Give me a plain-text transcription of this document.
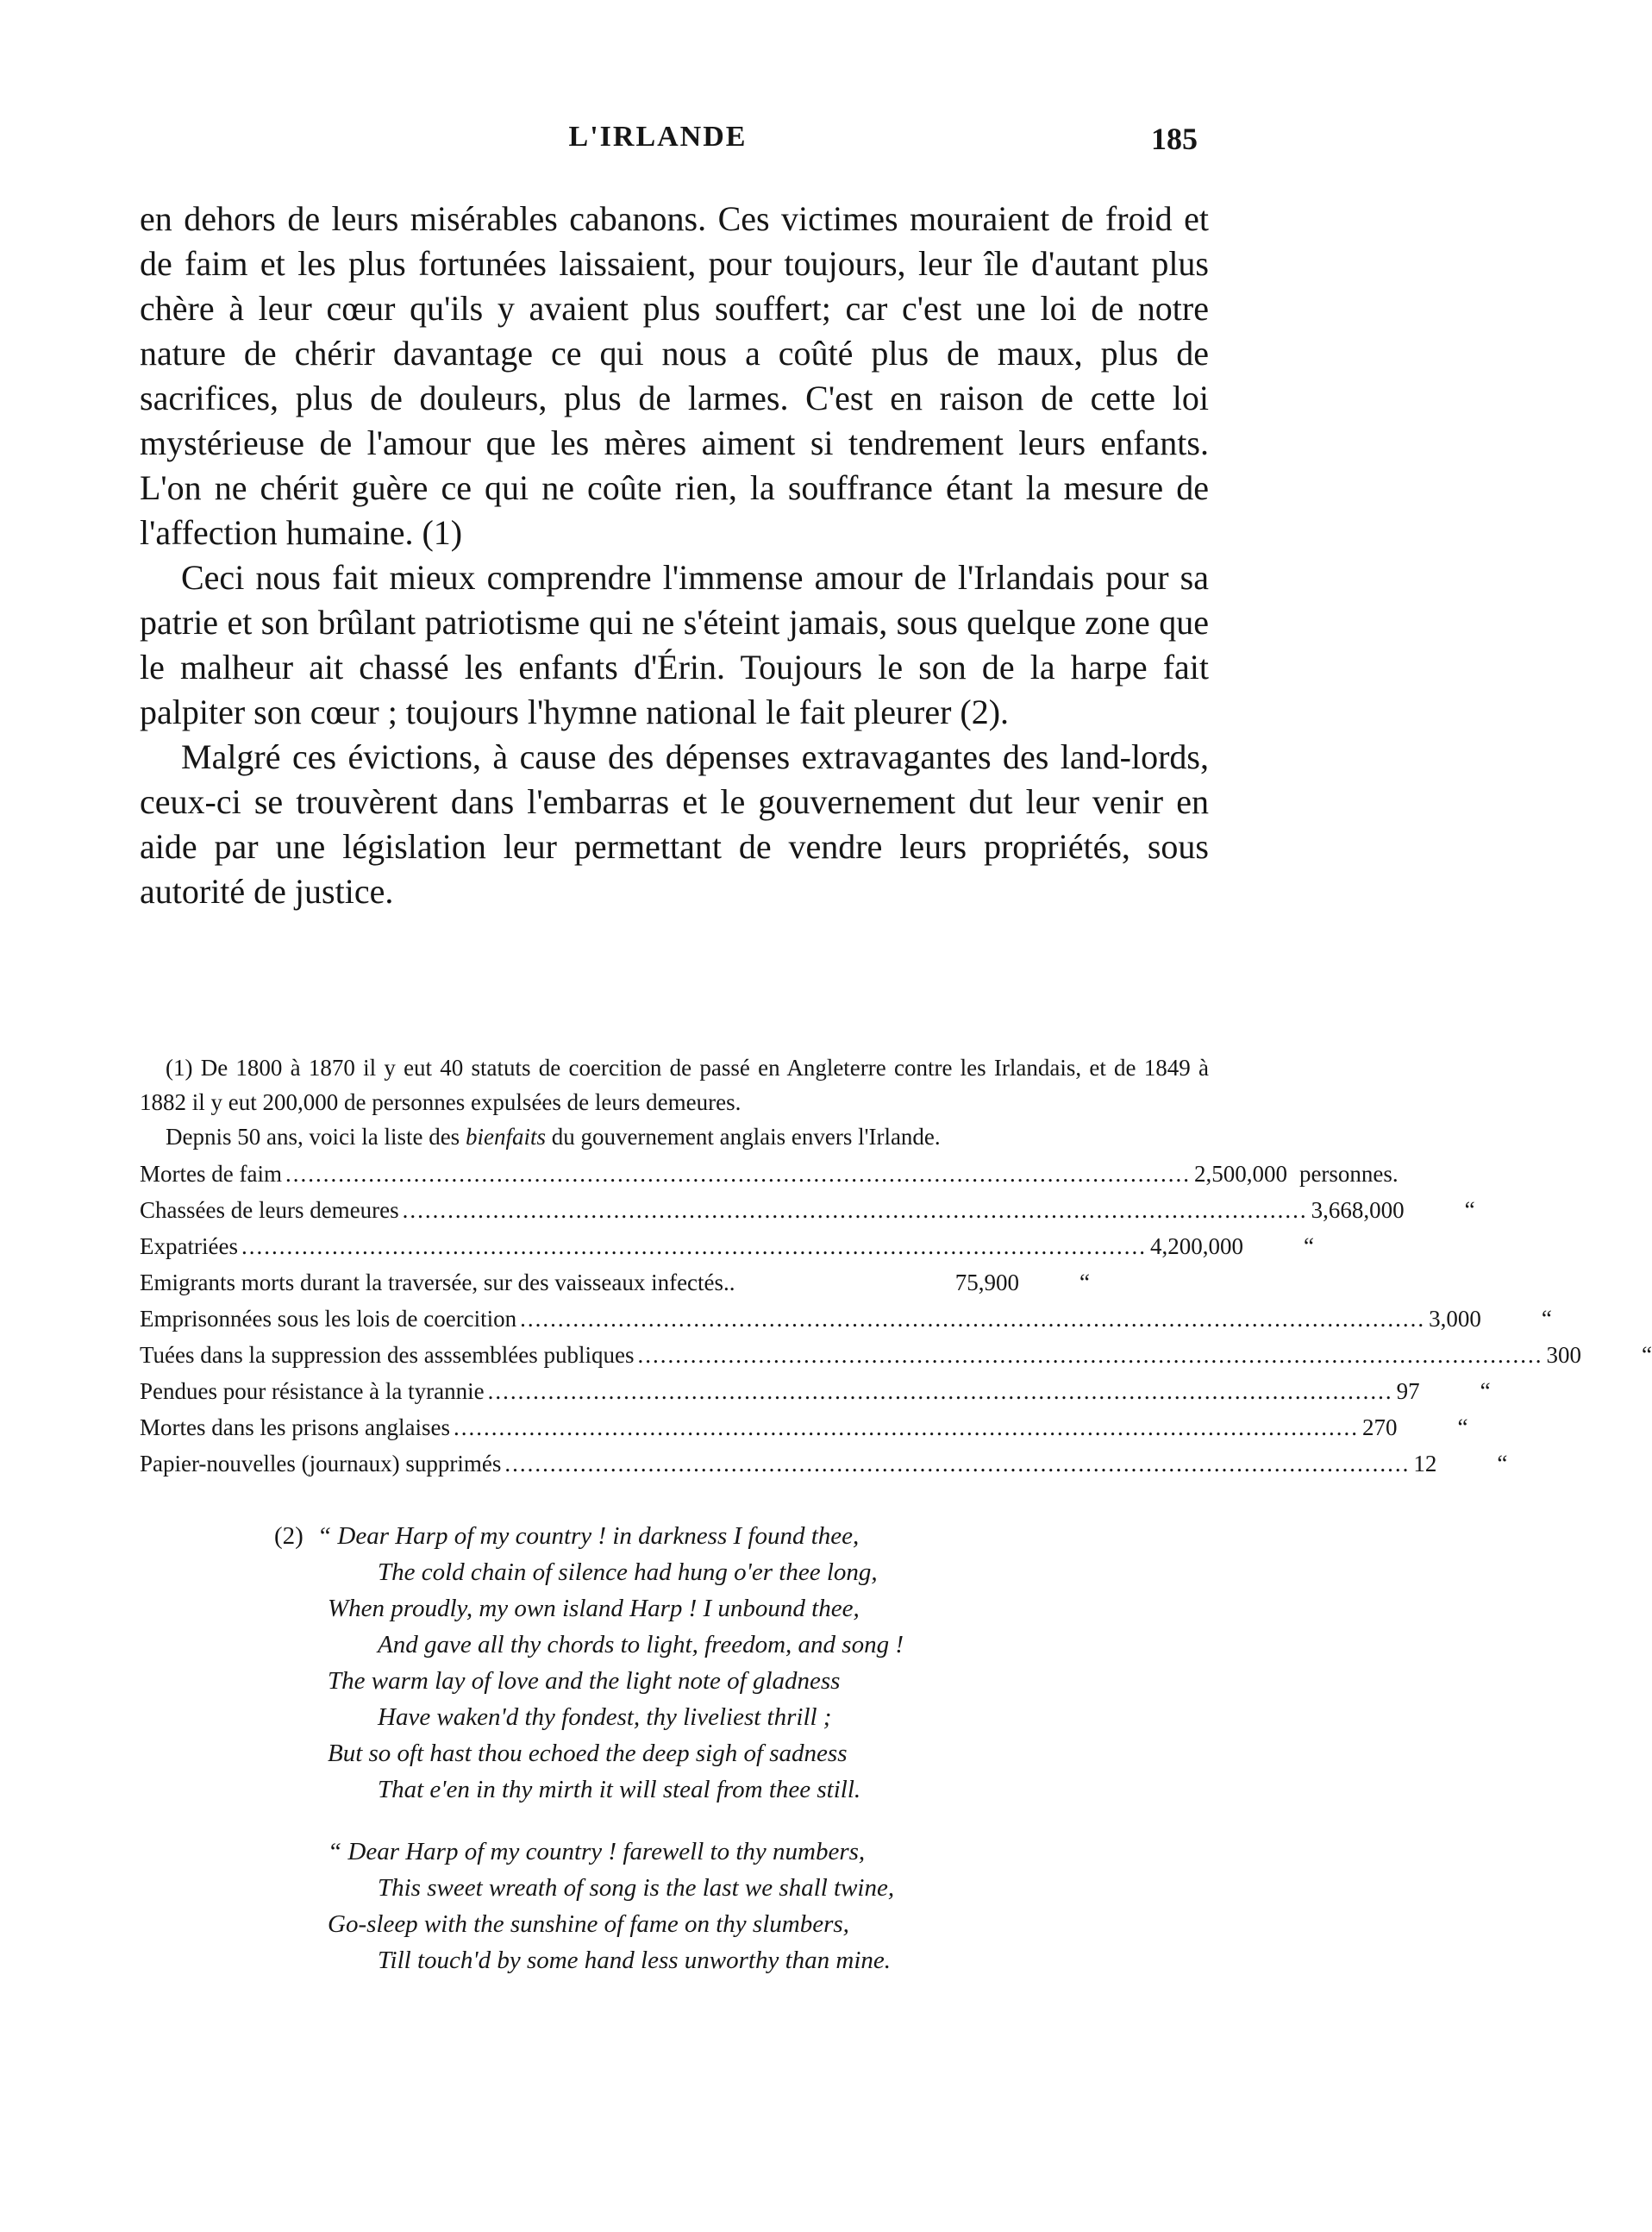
L'IRLANDE	185

en dehors de leurs misérables cabanons. Ces victimes mouraient de froid et de faim et les plus fortunées laissaient, pour toujours, leur île d'autant plus chère à leur cœur qu'ils y avaient plus souffert; car c'est une loi de notre nature de chérir davantage ce qui nous a coûté plus de maux, plus de sacrifices, plus de douleurs, plus de larmes. C'est en raison de cette loi mystérieuse de l'amour que les mères aiment si tendrement leurs enfants. L'on ne chérit guère ce qui ne coûte rien, la souffrance étant la mesure de l'affection humaine. (1)

Ceci nous fait mieux comprendre l'immense amour de l'Irlandais pour sa patrie et son brûlant patriotisme qui ne s'éteint jamais, sous quelque zone que le malheur ait chassé les enfants d'Érin. Toujours le son de la harpe fait palpiter son cœur ; toujours l'hymne national le fait pleurer (2).

Malgré ces évictions, à cause des dépenses extravagantes des land-lords, ceux-ci se trouvèrent dans l'embarras et le gouvernement dut leur venir en aide par une législation leur permettant de vendre leurs propriétés, sous autorité de justice.

(1) De 1800 à 1870 il y eut 40 statuts de coercition de passé en Angleterre contre les Irlandais, et de 1849 à 1882 il y eut 200,000 de personnes expulsées de leurs demeures.

Depnis 50 ans, voici la liste des bienfaits du gouvernement anglais envers l'Irlande.

Mortes de faim ........................................................................................................................ 2,500,000 personnes.
Chassées de leurs demeures ........................................................................................................................ 3,668,000	“
Expatriées ........................................................................................................................ 4,200,000	“
Emigrants morts durant la traversée, sur des vaisseaux infectés..	75,900	“
Emprisonnées sous les lois de coercition ........................................................................................................................ 3,000	“
Tuées dans la suppression des asssemblées publiques ........................................................................................................................ 300	“
Pendues pour résistance à la tyrannie ........................................................................................................................ 97	“
Mortes dans les prisons anglaises ........................................................................................................................ 270	“
Papier-nouvelles (journaux) supprimés ........................................................................................................................ 12	“
(2) “ Dear Harp of my country ! in darkness I found thee,
The cold chain of silence had hung o'er thee long,
When proudly, my own island Harp ! I unbound thee,
And gave all thy chords to light, freedom, and song !
The warm lay of love and the light note of gladness
Have waken'd thy fondest, thy liveliest thrill ;
But so oft hast thou echoed the deep sigh of sadness
That e'en in thy mirth it will steal from thee still.
“ Dear Harp of my country ! farewell to thy numbers,
This sweet wreath of song is the last we shall twine,
Go-sleep with the sunshine of fame on thy slumbers,
Till touch'd by some hand less unworthy than mine.
